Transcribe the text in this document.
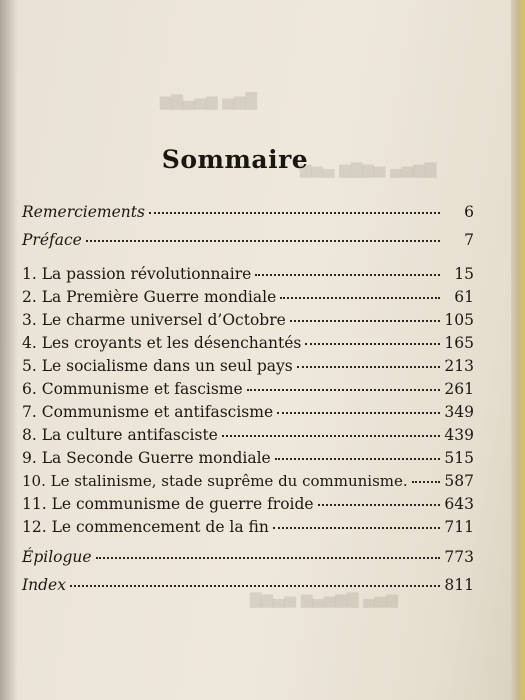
█▆▅ ▆▅▄▇▆
▇▆▅▄ ▅▆▇▆ ▄▅▆
▆▅▄ ▇▆▅▄▆ ▅▄▆▇
Sommaire
Remerciements	6
Préface	7
1. La passion révolutionnaire	15
2. La Première Guerre mondiale	61
3. Le charme universel d’Octobre	105
4. Les croyants et les désenchantés	165
5. Le socialisme dans un seul pays	213
6. Communisme et fascisme	261
7. Communisme et antifascisme	349
8. La culture antifasciste	439
9. La Seconde Guerre mondiale	515
10. Le stalinisme, stade suprême du communisme. 587
11. Le communisme de guerre froide	643
12. Le commencement de la fin	711
Épilogue	773
Index	811
